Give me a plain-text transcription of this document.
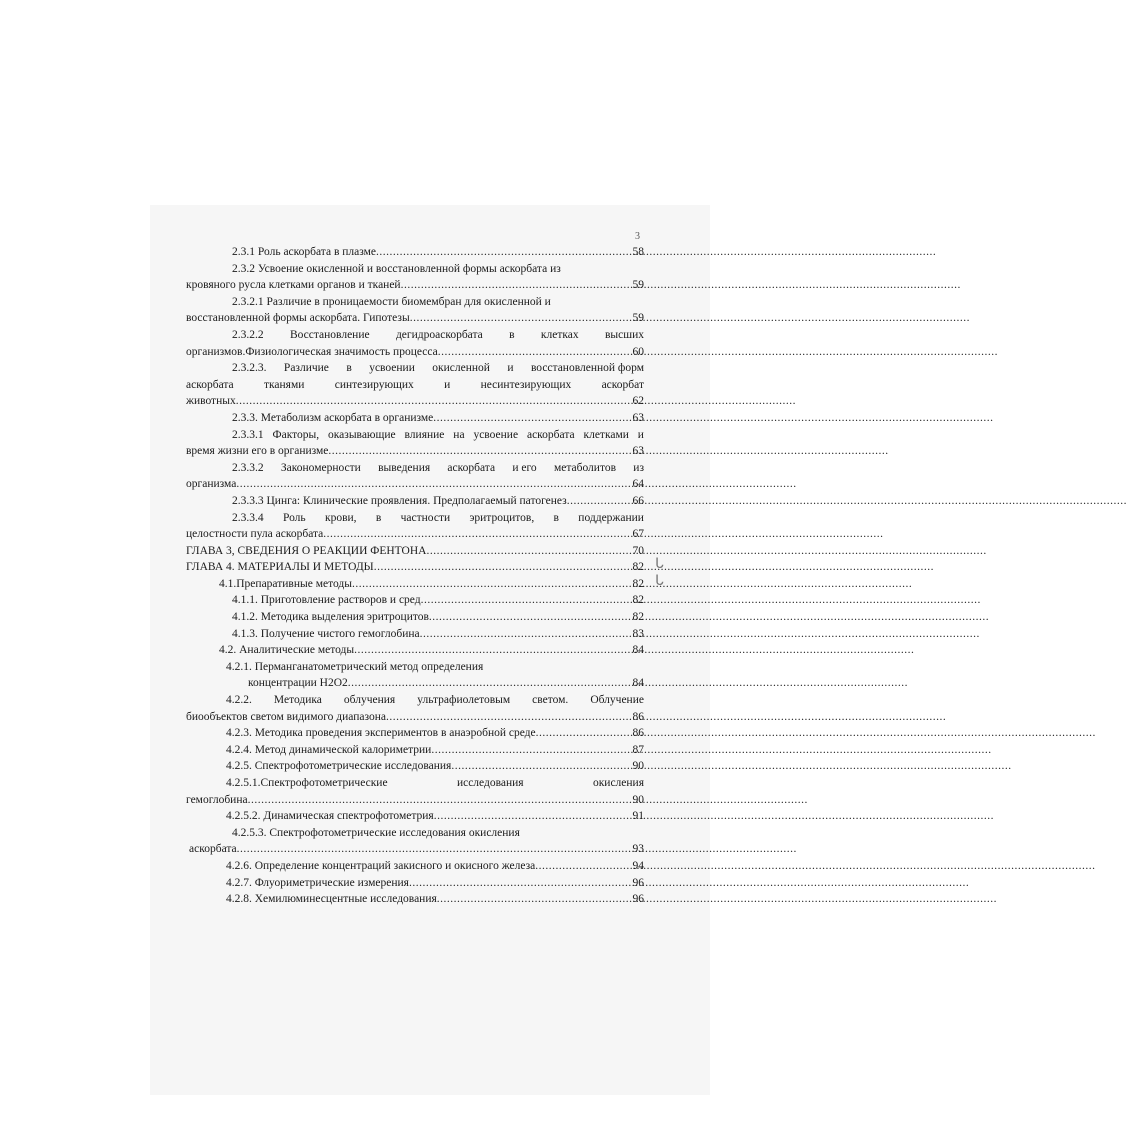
3
2.3.1 Роль аскорбата в плазме .....	58
2.3.2 Усвоение окисленной и восстановленной формы аскорбата из
кровяного русла клетками органов и тканей .....	59
2.3.2.1 Различие в проницаемости биомембран для окисленной и
восстановленной формы аскорбата. Гипотезы .....	59
2.3.2.2 Восстановление дегидроаскорбата в клетках высших
организмов.Физиологическая значимость процесса .....	60
2.3.2.3. Различие в усвоении окисленной и восстановленной форм
аскорбата	тканями	синтезирующих	и	несинтезирующих	аскорбат
животных .....	62
2.3.3. Метаболизм аскорбата в организме .....	63
2.3.3.1 Факторы, оказывающие влияние на усвоение аскорбата клетками и
время жизни его в организме .....	63
2.3.3.2 Закономерности выведения аскорбата и его метаболитов из
организма .....	64
2.3.3.3 Цинга: Клинические проявления. Предполагаемый патогенез .....	66
2.3.3.4 Роль крови, в частности эритроцитов, в поддержании
целостности пула аскорбата .....	67
ГЛАВА 3, СВЕДЕНИЯ О РЕАКЦИИ ФЕНТОНА .....	70
ГЛАВА 4. МАТЕРИАЛЫ И МЕТОДЫ .....	82
4.1.Препаративные методы .....	82
4.1.1. Приготовление растворов и сред .....	82
4.1.2. Методика выделения эритроцитов .....	82
4.1.3. Получение чистого гемоглобина .....	83
4.2. Аналитические методы .....	84
4.2.1. Перманганатометрический метод определения
концентрации Н2О2 .....	84
4.2.2. Методика облучения ультрафиолетовым светом. Облучение
биообъектов светом видимого диапазона .....	86
4.2.3. Методика проведения экспериментов в анаэробной среде .....	86
4.2.4. Метод динамической калориметрии .....	87
4.2.5. Спектрофотометрические исследования .....	90
4.2.5.1.Спектрофотометрические	исследования	окисления
гемоглобина .....	90
4.2.5.2. Динамическая спектрофотометрия .....	91
4.2.5.3. Спектрофотометрические исследования окисления
аскорбата .....	93
4.2.6. Определение концентраций закисного и окисного железа .....	94
4.2.7. Флуориметрические измерения .....	96
4.2.8. Хемилюминесцентные исследования .....	96
ᒐ
ᒐ
